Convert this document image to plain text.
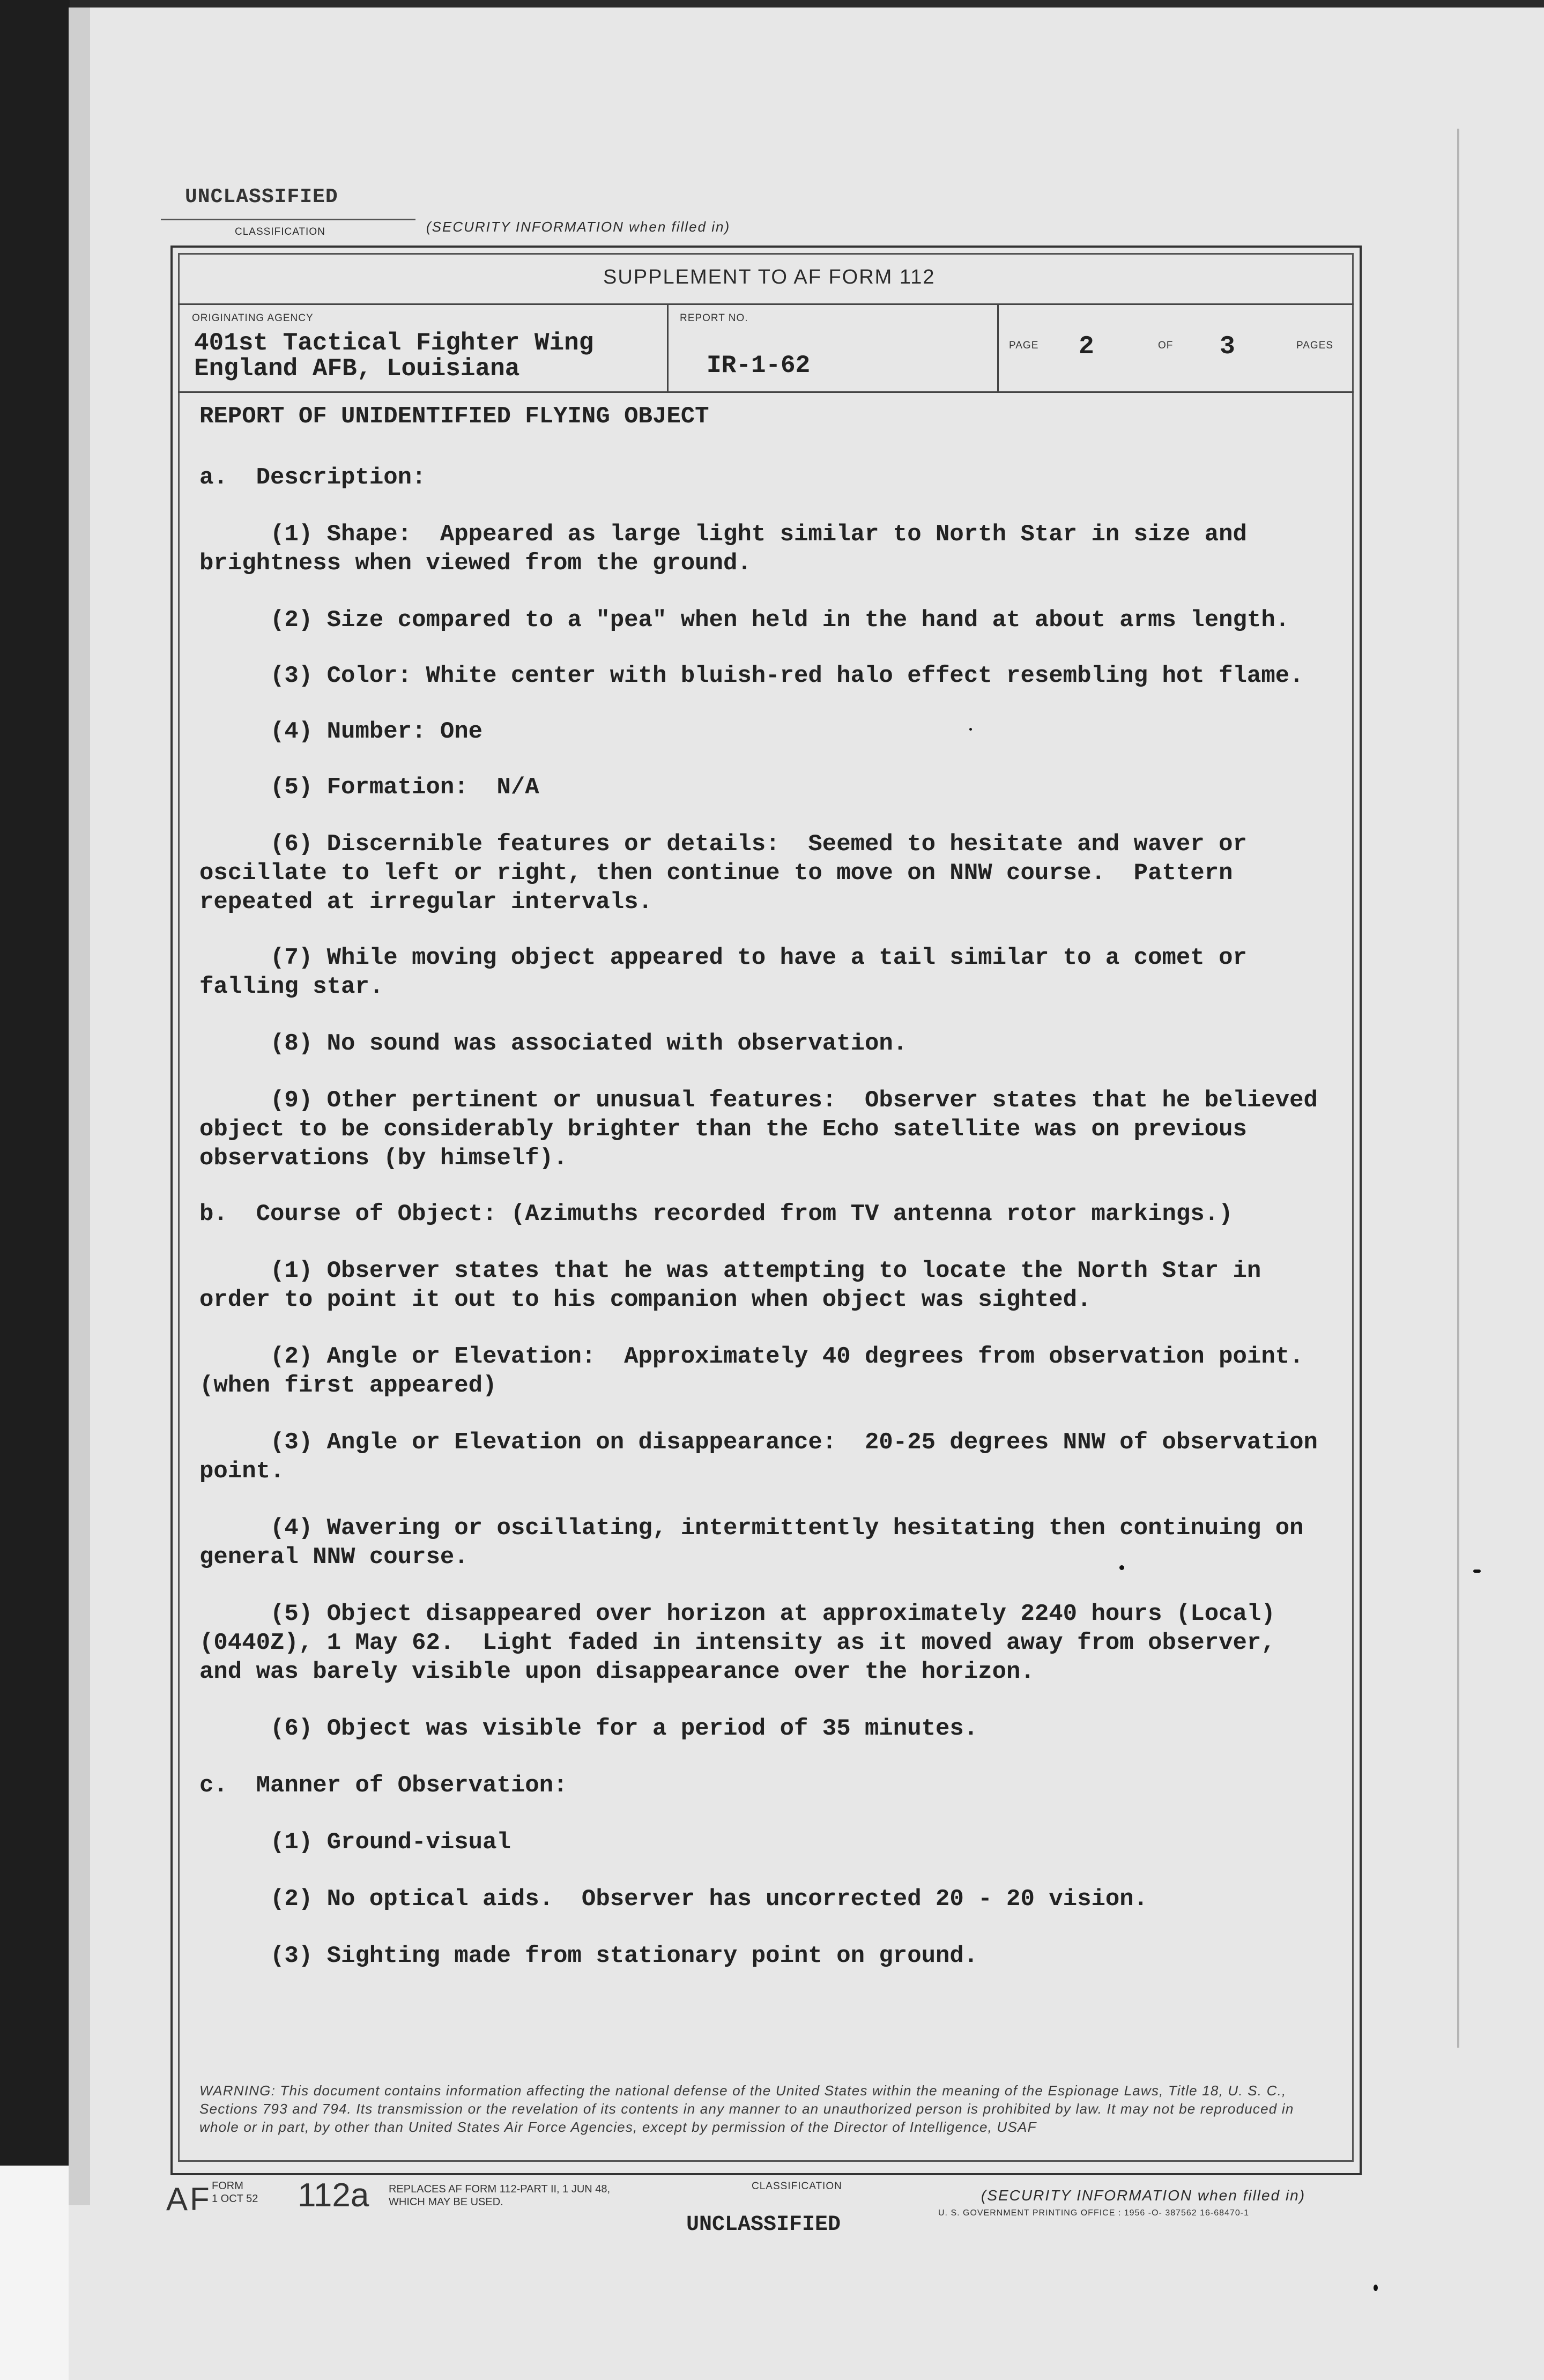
UNCLASSIFIED
CLASSIFICATION	(SECURITY INFORMATION when filled in)
SUPPLEMENT TO AF FORM 112
ORIGINATING AGENCY
401st Tactical Fighter Wing
England AFB, Louisiana
REPORT NO.
IR-1-62
PAGE 2	OF 3	PAGES
REPORT OF UNIDENTIFIED FLYING OBJECT
a.  Description:
(1) Shape:  Appeared as large light similar to North Star in size and
brightness when viewed from the ground.
(2) Size compared to a "pea" when held in the hand at about arms length.
(3) Color: White center with bluish-red halo effect resembling hot flame.
(4) Number: One
(5) Formation:  N/A
(6) Discernible features or details:  Seemed to hesitate and waver or
oscillate to left or right, then continue to move on NNW course.  Pattern
repeated at irregular intervals.
(7) While moving object appeared to have a tail similar to a comet or
falling star.
(8) No sound was associated with observation.
(9) Other pertinent or unusual features:  Observer states that he believed
object to be considerably brighter than the Echo satellite was on previous
observations (by himself).
b.  Course of Object: (Azimuths recorded from TV antenna rotor markings.)
(1) Observer states that he was attempting to locate the North Star in
order to point it out to his companion when object was sighted.
(2) Angle or Elevation:  Approximately 40 degrees from observation point.
(when first appeared)
(3) Angle or Elevation on disappearance:  20-25 degrees NNW of observation
point.
(4) Wavering or oscillating, intermittently hesitating then continuing on
general NNW course.
(5) Object disappeared over horizon at approximately 2240 hours (Local)
(0440Z), 1 May 62.  Light faded in intensity as it moved away from observer,
and was barely visible upon disappearance over the horizon.
(6) Object was visible for a period of 35 minutes.
c.  Manner of Observation:
(1) Ground-visual
(2) No optical aids.  Observer has uncorrected 20 - 20 vision.
(3) Sighting made from stationary point on ground.
WARNING: This document contains information affecting the national defense of the United States within the meaning of the Espionage Laws, Title 18, U. S. C., Sections 793 and 794. Its transmission or the revelation of its contents in any manner to an unauthorized person is prohibited by law. It may not be reproduced in whole or in part, by other than United States Air Force Agencies, except by permission of the Director of Intelligence, USAF
AF FORM
1 OCT 52 112a REPLACES AF FORM 112-PART II, 1 JUN 48,
WHICH MAY BE USED.
CLASSIFICATION
(SECURITY INFORMATION when filled in)
UNCLASSIFIED	U. S. GOVERNMENT PRINTING OFFICE : 1956 -O- 387562 16-68470-1
